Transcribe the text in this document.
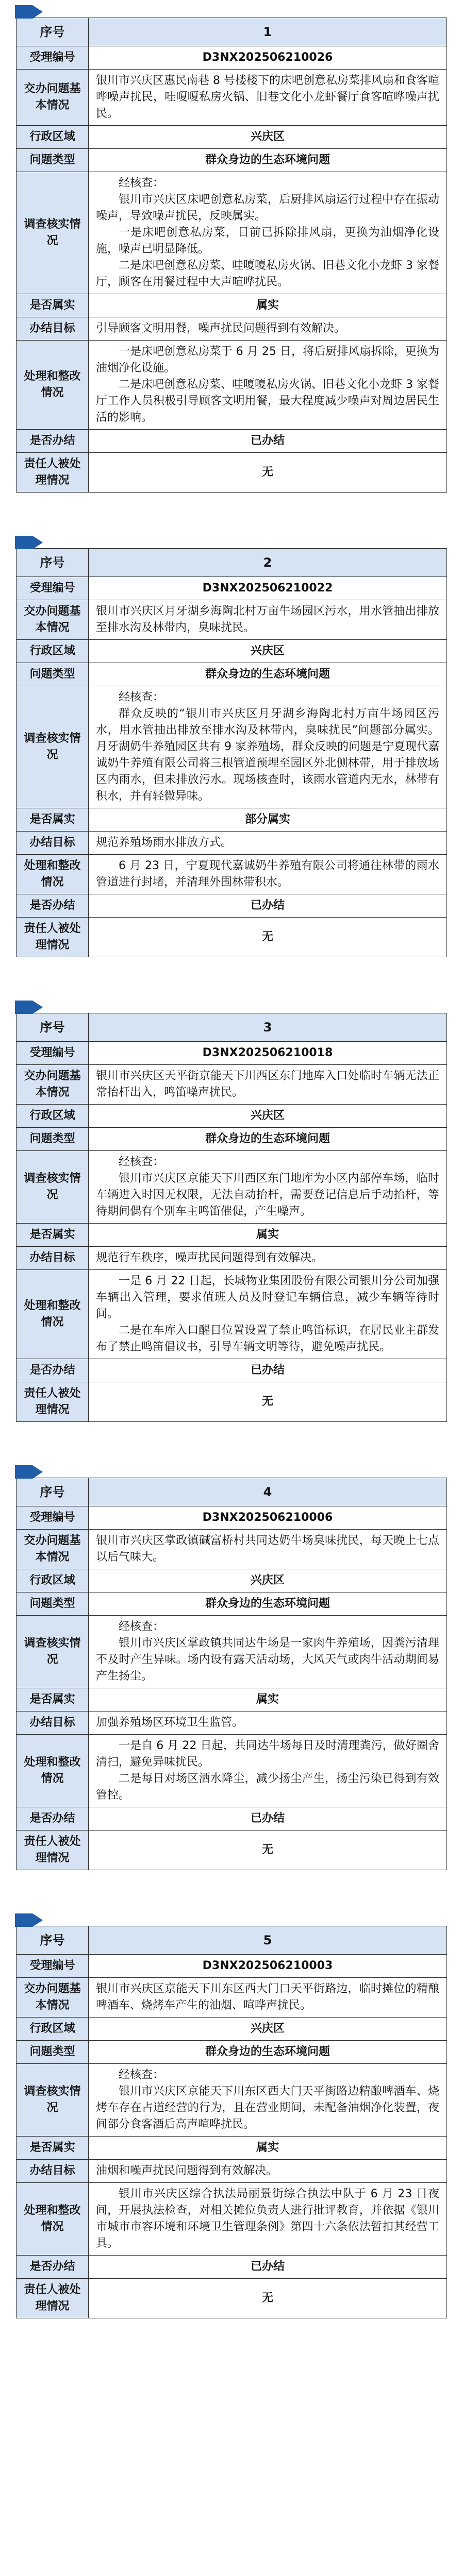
序号	1
受理编号	D3NX202506210026
交办问题基本情况	银川市兴庆区惠民南巷 8 号楼楼下的床吧创意私房菜排风扇和食客喧哗噪声扰民，哇嗄嗄私房火锅、旧巷文化小龙虾餐厅食客喧哗噪声扰民。
行政区域	兴庆区
问题类型	群众身边的生态环境问题
调查核实情况	经核查：

银川市兴庆区床吧创意私房菜，后厨排风扇运行过程中存在振动噪声，导致噪声扰民，反映属实。

一是床吧创意私房菜，目前已拆除排风扇，更换为油烟净化设施，噪声已明显降低。

二是床吧创意私房菜、哇嗄嗄私房火锅、旧巷文化小龙虾 3 家餐厅，顾客在用餐过程中大声喧哗扰民。

是否属实	属实
办结目标	引导顾客文明用餐，噪声扰民问题得到有效解决。
处理和整改情况	一是床吧创意私房菜于 6 月 25 日，将后厨排风扇拆除，更换为油烟净化设施。

二是床吧创意私房菜、哇嗄嗄私房火锅、旧巷文化小龙虾 3 家餐厅工作人员积极引导顾客文明用餐，最大程度减少噪声对周边居民生活的影响。

是否办结	已办结
责任人被处理情况	无
序号	2
受理编号	D3NX202506210022
交办问题基本情况	银川市兴庆区月牙湖乡海陶北村万亩牛场园区污水，用水管抽出排放至排水沟及林带内，臭味扰民。
行政区域	兴庆区
问题类型	群众身边的生态环境问题
调查核实情况	经核查：

群众反映的“银川市兴庆区月牙湖乡海陶北村万亩牛场园区污水，用水管抽出排放至排水沟及林带内，臭味扰民”问题部分属实。月牙湖奶牛养殖园区共有 9 家养殖场，群众反映的问题是宁夏现代嘉诚奶牛养殖有限公司将三根管道预埋至园区外北侧林带，用于排放场区内雨水，但未排放污水。现场核查时，该雨水管道内无水，林带有积水，并有轻微异味。

是否属实	部分属实
办结目标	规范养殖场雨水排放方式。
处理和整改情况	6 月 23 日，宁夏现代嘉诚奶牛养殖有限公司将通往林带的雨水管道进行封堵，并清理外围林带积水。

是否办结	已办结
责任人被处理情况	无
序号	3
受理编号	D3NX202506210018
交办问题基本情况	银川市兴庆区天平街京能天下川西区东门地库入口处临时车辆无法正常抬杆出入，鸣笛噪声扰民。
行政区域	兴庆区
问题类型	群众身边的生态环境问题
调查核实情况	经核查：

银川市兴庆区京能天下川西区东门地库为小区内部停车场，临时车辆进入时因无权限，无法自动抬杆，需要登记信息后手动抬杆，等待期间偶有个别车主鸣笛催促，产生噪声。

是否属实	属实
办结目标	规范行车秩序，噪声扰民问题得到有效解决。
处理和整改情况	一是 6 月 22 日起，长城物业集团股份有限公司银川分公司加强车辆出入管理，要求值班人员及时登记车辆信息，减少车辆等待时间。

二是在车库入口醒目位置设置了禁止鸣笛标识，在居民业主群发布了禁止鸣笛倡议书，引导车辆文明等待，避免噪声扰民。

是否办结	已办结
责任人被处理情况	无
序号	4
受理编号	D3NX202506210006
交办问题基本情况	银川市兴庆区掌政镇碱富桥村共同达奶牛场臭味扰民，每天晚上七点以后气味大。
行政区域	兴庆区
问题类型	群众身边的生态环境问题
调查核实情况	经核查：

银川市兴庆区掌政镇共同达牛场是一家肉牛养殖场，因粪污清理不及时产生异味。场内设有露天活动场，大风天气或肉牛活动期间易产生扬尘。

是否属实	属实
办结目标	加强养殖场区环境卫生监管。
处理和整改情况	一是自 6 月 22 日起，共同达牛场每日及时清理粪污，做好圈舍清扫，避免异味扰民。

二是每日对场区洒水降尘，减少扬尘产生，扬尘污染已得到有效管控。

是否办结	已办结
责任人被处理情况	无
序号	5
受理编号	D3NX202506210003
交办问题基本情况	银川市兴庆区京能天下川东区西大门口天平街路边，临时摊位的精酿啤酒车、烧烤车产生的油烟、喧哗声扰民。
行政区域	兴庆区
问题类型	群众身边的生态环境问题
调查核实情况	经核查：

银川市兴庆区京能天下川东区西大门天平街路边精酿啤酒车、烧烤车存在占道经营的行为，且在营业期间，未配备油烟净化装置，夜间部分食客酒后高声喧哗扰民。

是否属实	属实
办结目标	油烟和噪声扰民问题得到有效解决。
处理和整改情况	银川市兴庆区综合执法局丽景街综合执法中队于 6 月 23 日夜间，开展执法检查，对相关摊位负责人进行批评教育，并依据《银川市城市市容环境和环境卫生管理条例》第四十六条依法暂扣其经营工具。

是否办结	已办结
责任人被处理情况	无
